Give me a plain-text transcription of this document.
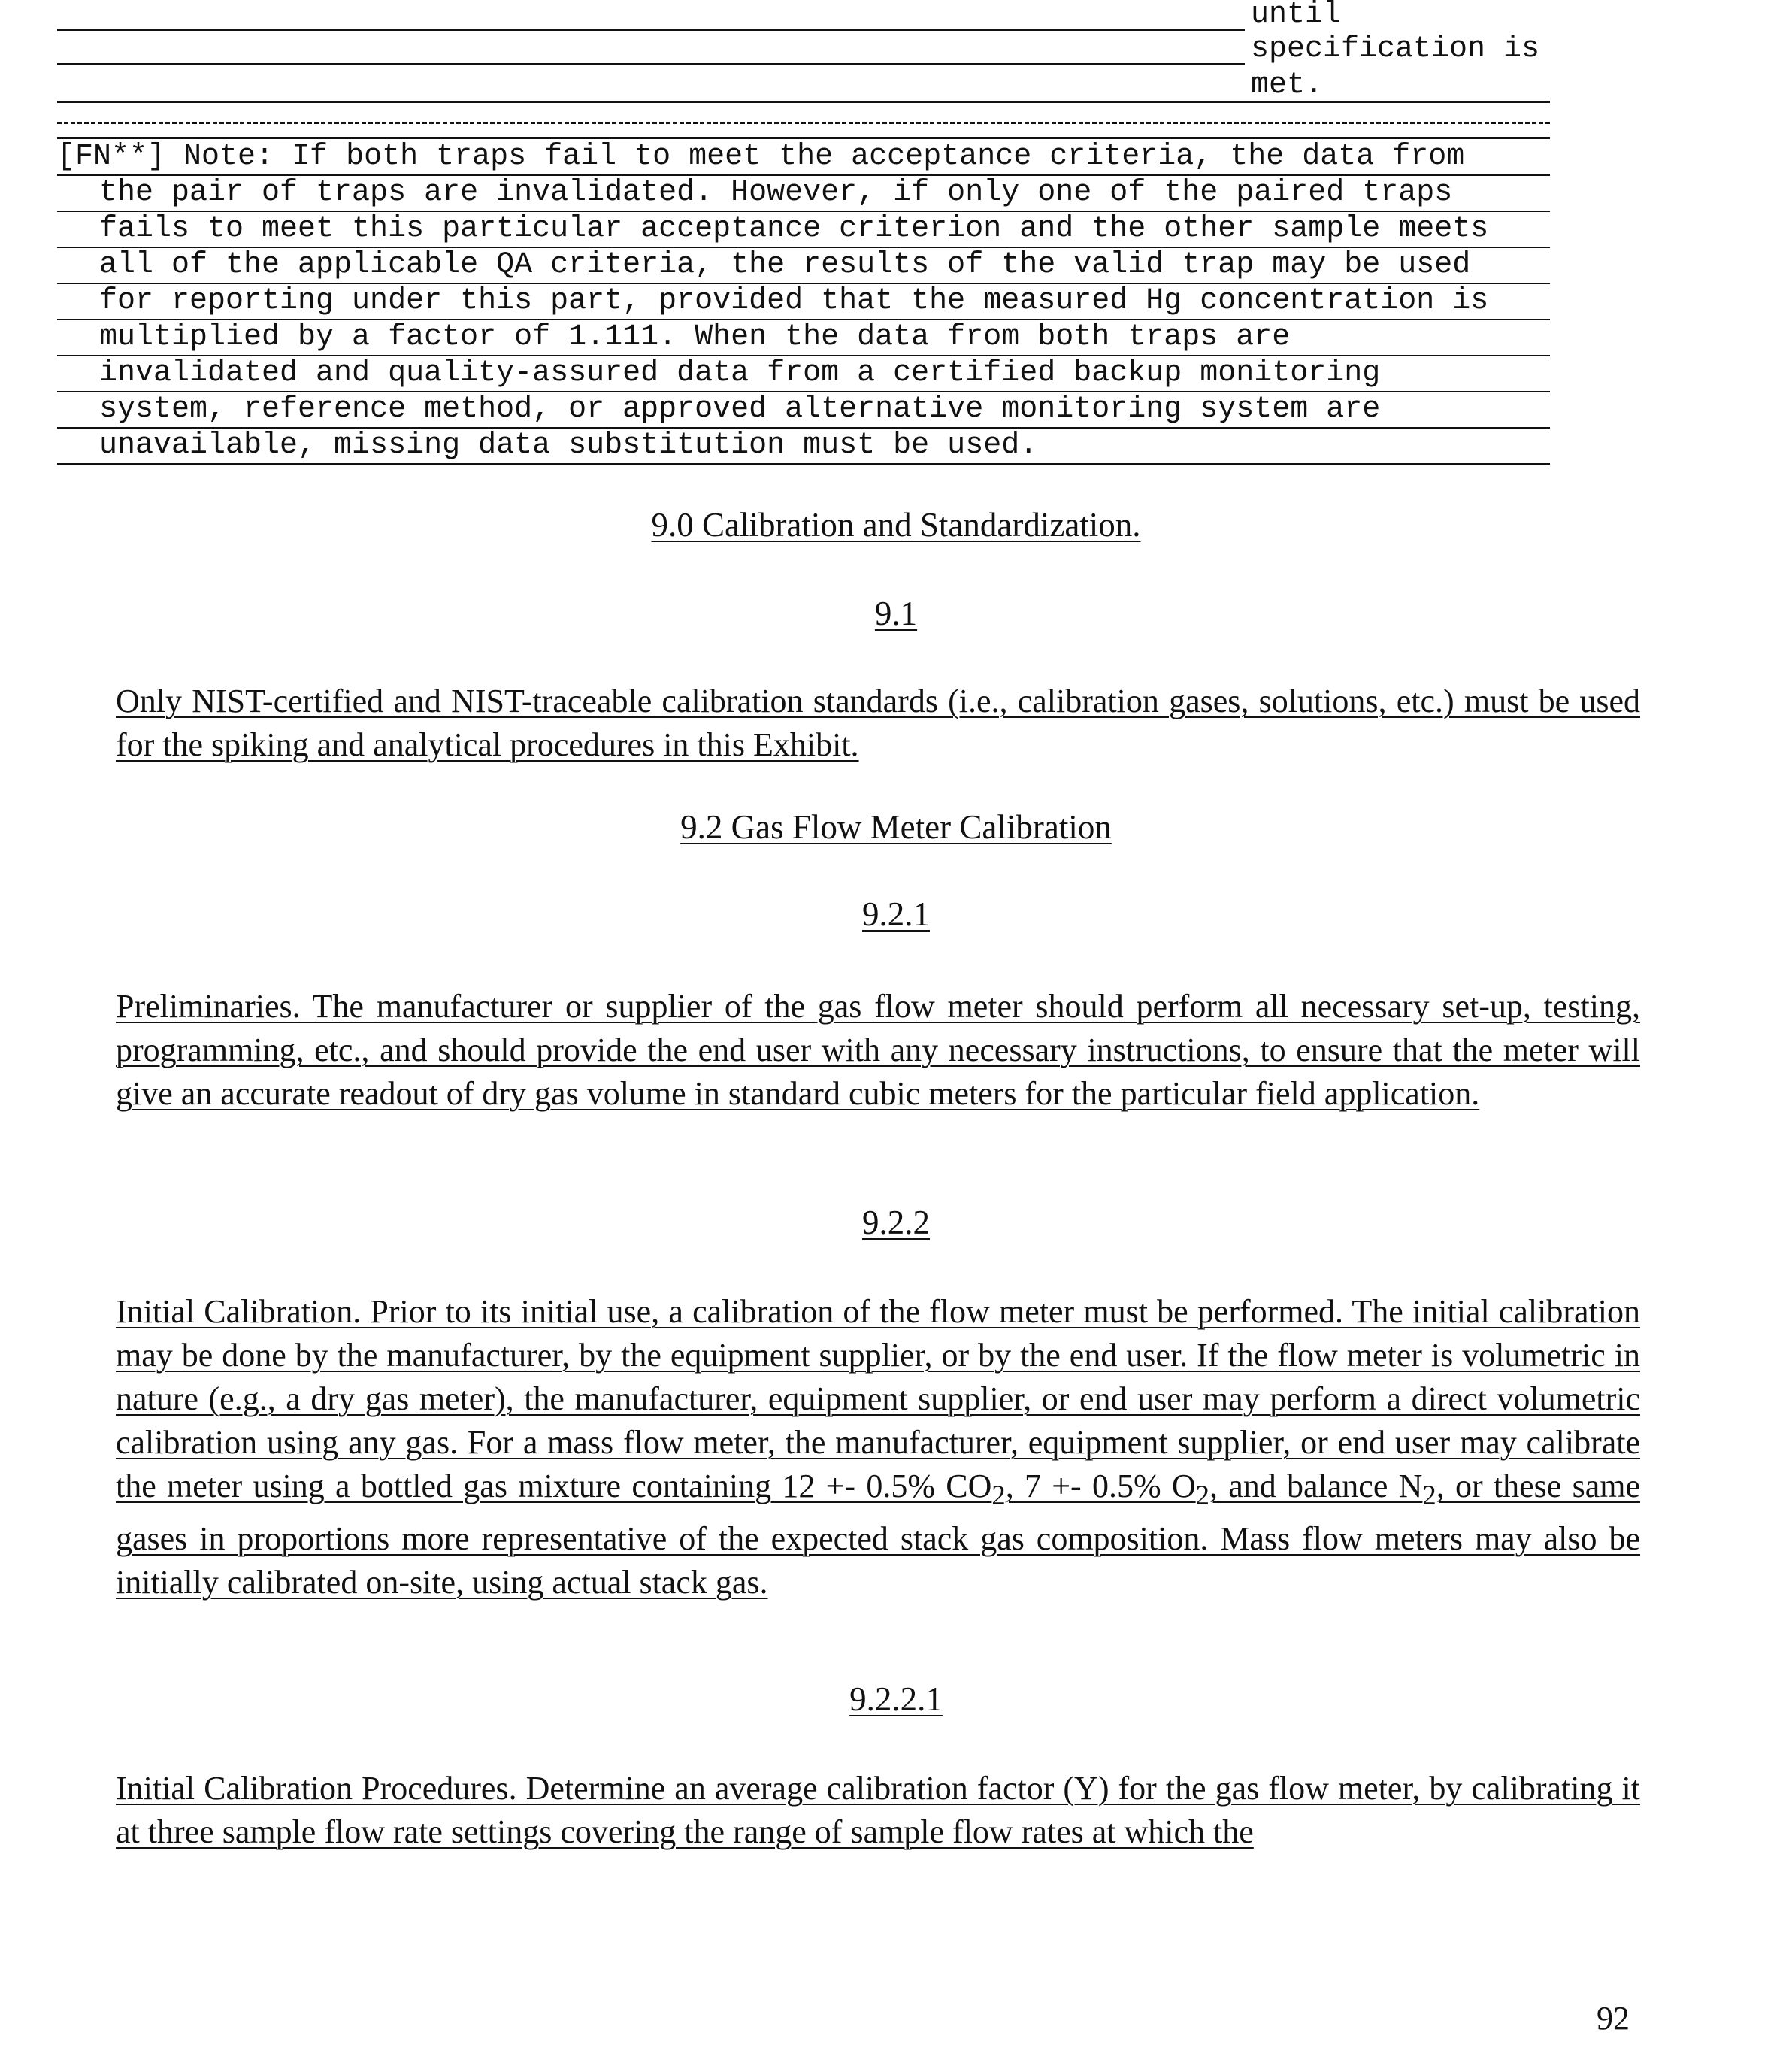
until
specification is
met.
[FN**] Note: If both traps fail to meet the acceptance criteria, the data from
the pair of traps are invalidated. However, if only one of the paired traps
fails to meet this particular acceptance criterion and the other sample meets
all of the applicable QA criteria, the results of the valid trap may be used
for reporting under this part, provided that the measured Hg concentration is
multiplied by a factor of 1.111. When the data from both traps are
invalidated and quality-assured data from a certified backup monitoring
system, reference method, or approved alternative monitoring system are
unavailable, missing data substitution must be used.
9.0 Calibration and Standardization.
9.1
Only NIST-certified and NIST-traceable calibration standards (i.e., calibration gases, solutions, etc.) must be used for the spiking and analytical procedures in this Exhibit.
9.2 Gas Flow Meter Calibration
9.2.1
Preliminaries. The manufacturer or supplier of the gas flow meter should perform all necessary set-up, testing, programming, etc., and should provide the end user with any necessary instructions, to ensure that the meter will give an accurate readout of dry gas volume in standard cubic meters for the particular field application.
9.2.2
Initial Calibration. Prior to its initial use, a calibration of the flow meter must be performed. The initial calibration may be done by the manufacturer, by the equipment supplier, or by the end user. If the flow meter is volumetric in nature (e.g., a dry gas meter), the manufacturer, equipment supplier, or end user may perform a direct volumetric calibration using any gas. For a mass flow meter, the manufacturer, equipment supplier, or end user may calibrate the meter using a bottled gas mixture containing 12 +- 0.5% $CO_2$, 7 +- 0.5% $O_2$, and balance $N_2$, or these same gases in proportions more representative of the expected stack gas composition. Mass flow meters may also be initially calibrated on-site, using actual stack gas.
9.2.2.1
Initial Calibration Procedures. Determine an average calibration factor (Y) for the gas flow meter, by calibrating it at three sample flow rate settings covering the range of sample flow rates at which the
92
